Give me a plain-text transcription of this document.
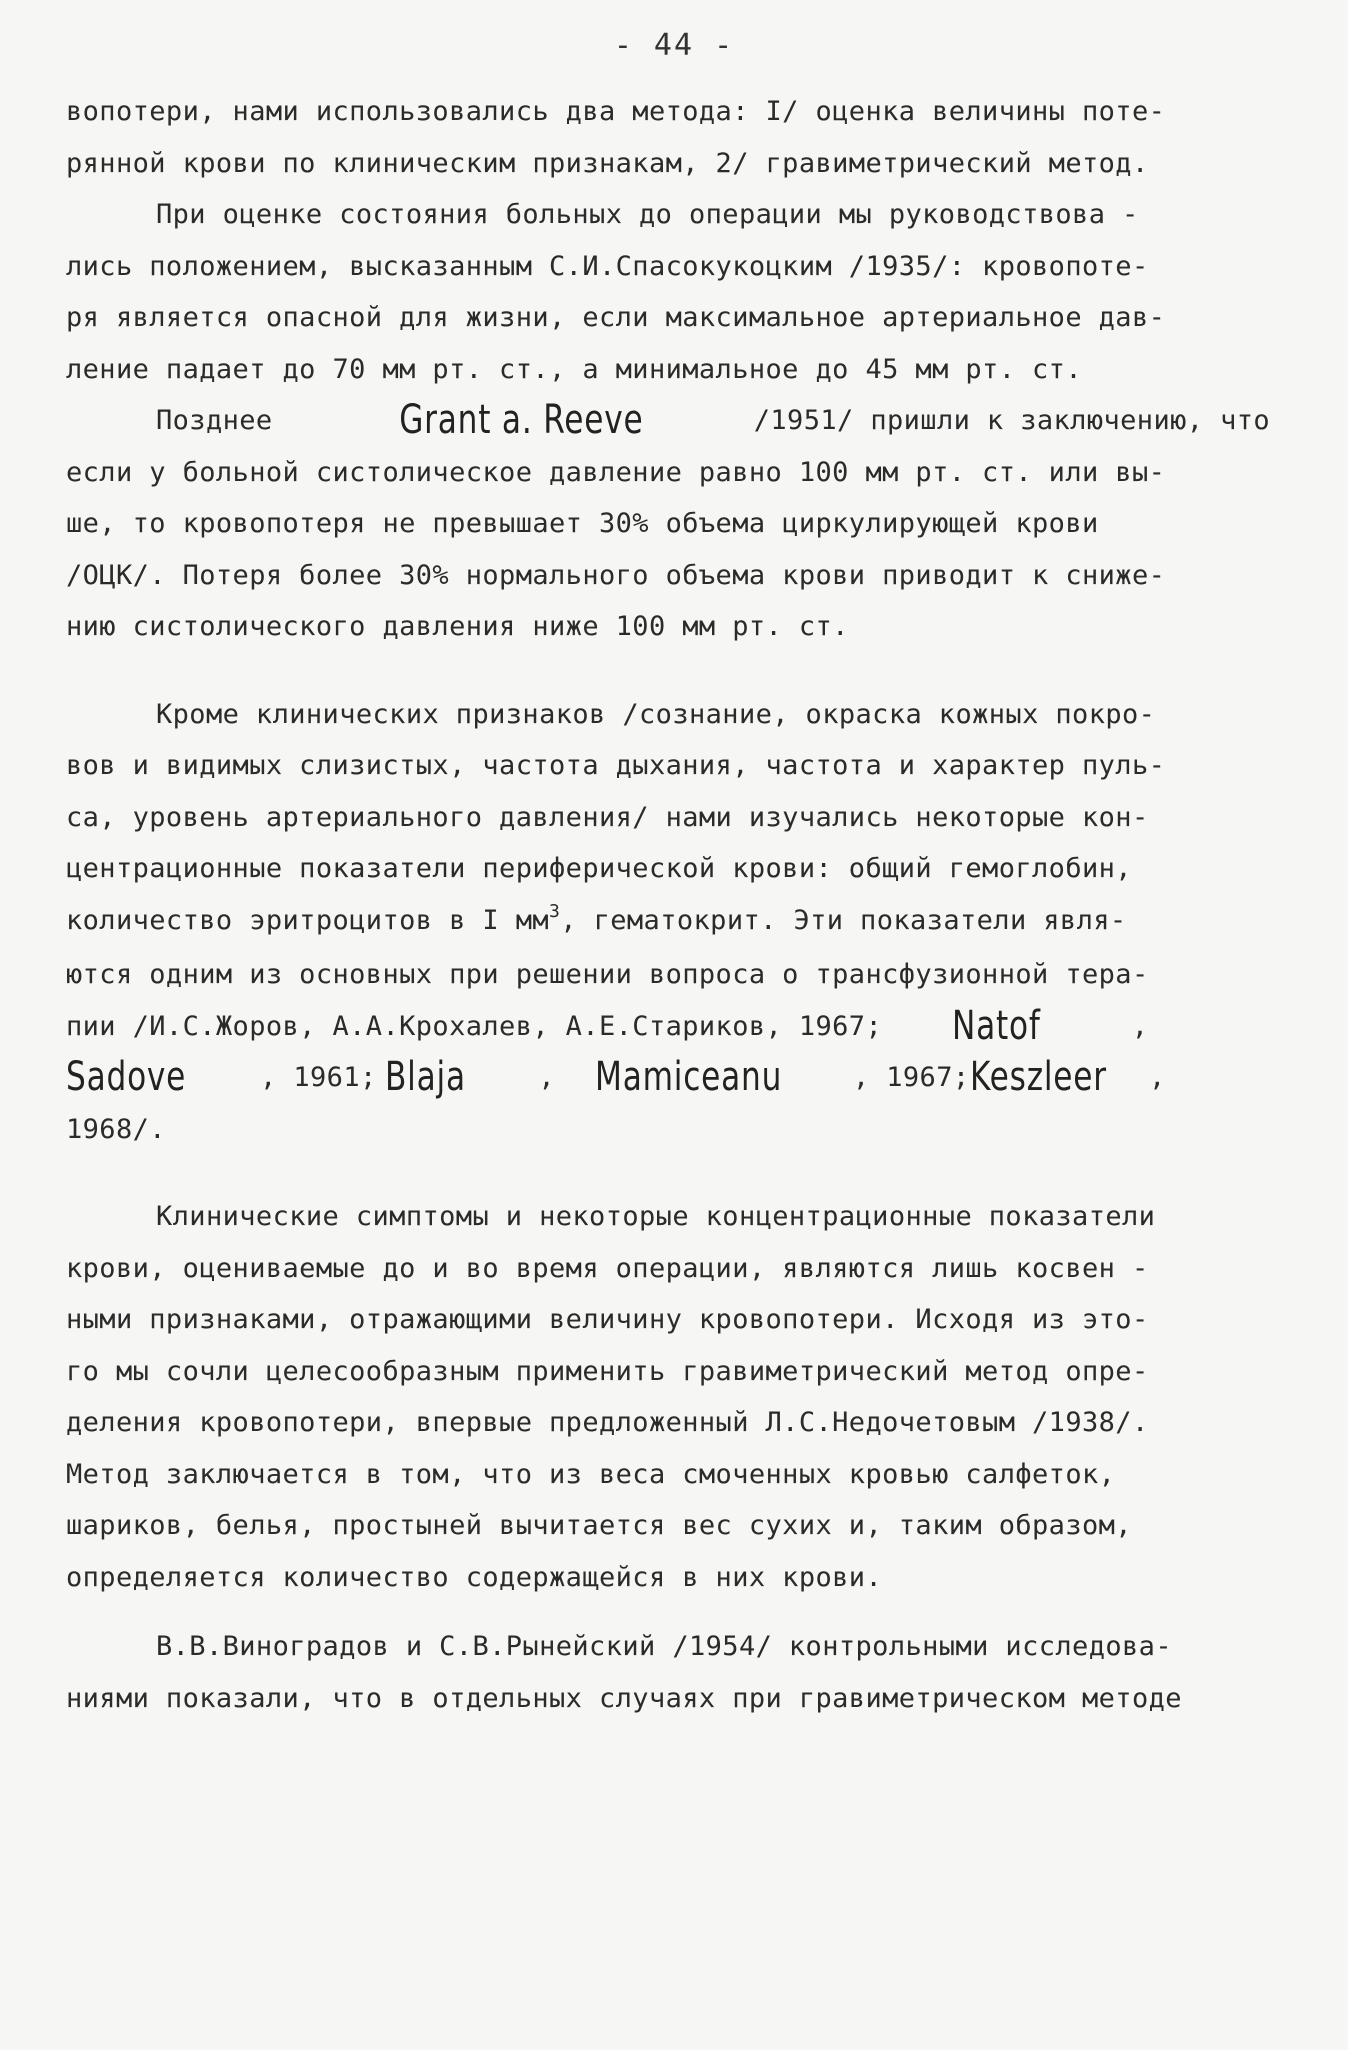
- 44 -

вопотери, нами использовались два метода: I/ оценка величины поте-

рянной крови по клиническим признакам, 2/ гравиметрический метод.

При оценке состояния больных до операции мы руководствова -

лись положением, высказанным С.И.Спасокукоцким /1935/: кровопоте-

ря является опасной для жизни, если максимальное артериальное дав-

ление падает до 70 мм рт. ст., а минимальное до 45 мм рт. ст.

Позднее	Grant a. Reeve	/1951/ пришли к заключению, что

если у больной систолическое давление равно 100 мм рт. ст. или вы-

ше, то кровопотеря не превышает 30% объема циркулирующей крови

/ОЦК/. Потеря более 30% нормального объема крови приводит к сниже-

нию систолического давления ниже 100 мм рт. ст.

Кроме клинических признаков /сознание, окраска кожных покро-

вов и видимых слизистых, частота дыхания, частота и характер пуль-

са, уровень артериального давления/ нами изучались некоторые кон-

центрационные показатели периферической крови: общий гемоглобин,

количество эритроцитов в I $мм^3$, гематокрит. Эти показатели явля-

ются одним из основных при решении вопроса о трансфузионной тера-

пии /И.С.Жоров, А.А.Крохалев, А.Е.Стариков, 1967; Natof	,

Sadove	, 1961; Blaja	, Mamiceanu	, 1967;Keszleer ,

1968/.

Клинические симптомы и некоторые концентрационные показатели

крови, оцениваемые до и во время операции, являются лишь косвен -

ными признаками, отражающими величину кровопотери. Исходя из это-

го мы сочли целесообразным применить гравиметрический метод опре-

деления кровопотери, впервые предложенный Л.С.Недочетовым /1938/.

Метод заключается в том, что из веса смоченных кровью салфеток,

шариков, белья, простыней вычитается вес сухих и, таким образом,

определяется количество содержащейся в них крови.

В.В.Виноградов и С.В.Рынейский /1954/ контрольными исследова-

ниями показали, что в отдельных случаях при гравиметрическом методе
